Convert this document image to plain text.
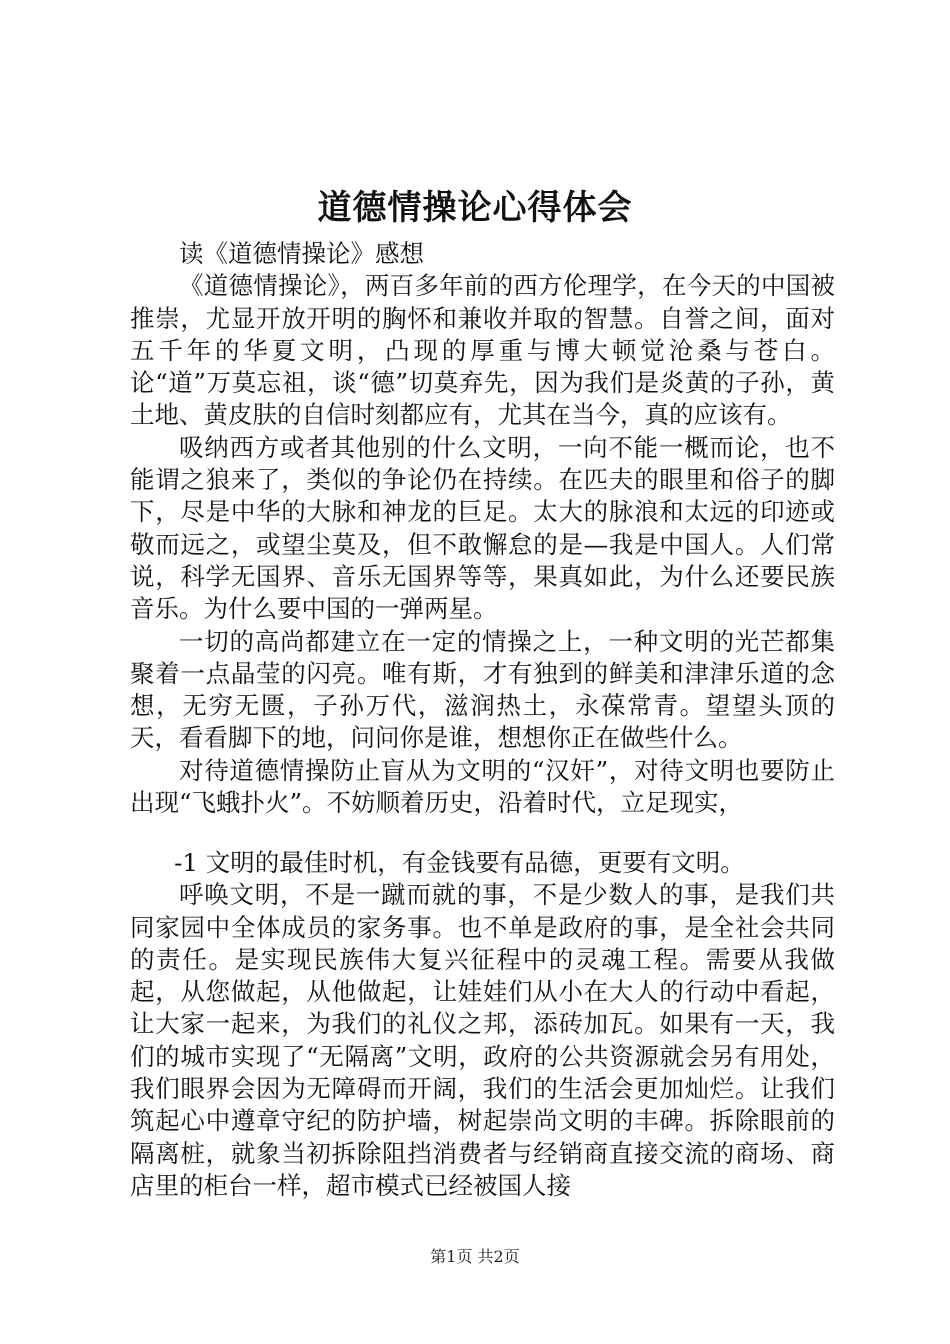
道德情操论心得体会

读《道德情操论》感想

《道德情操论》，两百多年前的西方伦理学，在今天的中国被推崇，尤显开放开明的胸怀和兼收并取的智慧。自誉之间，面对五千年的华夏文明，凸现的厚重与博大顿觉沧桑与苍白。论“道”万莫忘祖，谈“德”切莫弃先，因为我们是炎黄的子孙，黄土地、黄皮肤的自信时刻都应有，尤其在当今，真的应该有。

吸纳西方或者其他别的什么文明，一向不能一概而论，也不能谓之狼来了，类似的争论仍在持续。在匹夫的眼里和俗子的脚下，尽是中华的大脉和神龙的巨足。太大的脉浪和太远的印迹或敬而远之，或望尘莫及，但不敢懈怠的是—我是中国人。人们常说，科学无国界、音乐无国界等等，果真如此，为什么还要民族音乐。为什么要中国的一弹两星。

一切的高尚都建立在一定的情操之上，一种文明的光芒都集聚着一点晶莹的闪亮。唯有斯，才有独到的鲜美和津津乐道的念想，无穷无匮，子孙万代，滋润热土，永葆常青。望望头顶的天，看看脚下的地，问问你是谁，想想你正在做些什么。

对待道德情操防止盲从为文明的“汉奸”，对待文明也要防止出现“飞蛾扑火”。不妨顺着历史，沿着时代，立足现实，

-1 文明的最佳时机，有金钱要有品德，更要有文明。

呼唤文明，不是一蹴而就的事，不是少数人的事，是我们共同家园中全体成员的家务事。也不单是政府的事，是全社会共同的责任。是实现民族伟大复兴征程中的灵魂工程。需要从我做起，从您做起，从他做起，让娃娃们从小在大人的行动中看起，让大家一起来，为我们的礼仪之邦，添砖加瓦。如果有一天，我们的城市实现了“无隔离”文明，政府的公共资源就会另有用处，我们眼界会因为无障碍而开阔，我们的生活会更加灿烂。让我们筑起心中遵章守纪的防护墙，树起崇尚文明的丰碑。拆除眼前的隔离桩，就象当初拆除阻挡消费者与经销商直接交流的商场、商店里的柜台一样，超市模式已经被国人接

第1页 共2页
